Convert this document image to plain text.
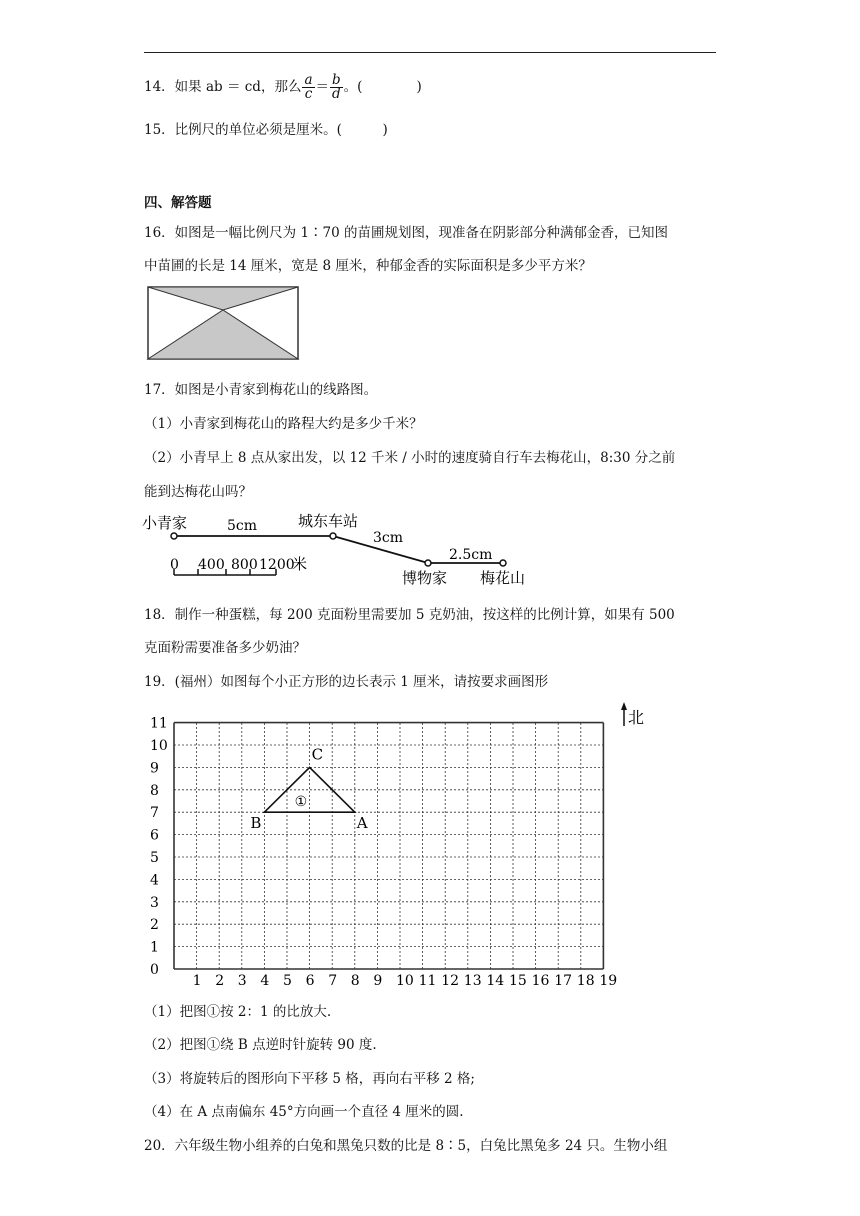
14．如果 ab ＝ cd，那么 $\frac{a}{c} = \frac{b}{d}$ 。(　　　　)
15．比例尺的单位必须是厘米。(　　　)
四、解答题
16．如图是一幅比例尺为 1∶70 的苗圃规划图，现准备在阴影部分种满郁金香，已知图
中苗圃的长是 14 厘米，宽是 8 厘米，种郁金香的实际面积是多少平方米？
17．如图是小青家到梅花山的线路图。
（1）小青家到梅花山的路程大约是多少千米？
（2）小青早上 8 点从家出发，以 12 千米 / 小时的速度骑自行车去梅花山，8:30 分之前
能到达梅花山吗？
小青家	5cm	城东车站
3cm
2.5cm
博物家 梅花山
0 400 800 1200
米
18．制作一种蛋糕，每 200 克面粉里需要加 5 克奶油，按这样的比例计算，如果有 500
克面粉需要准备多少奶油？
19．(福州）如图每个小正方形的边长表示 1 厘米，请按要求画图形
1 2 3 4 5 6 7 8 9 10 11 12 13 14 15 16 17 18 19
0
1
2
3
4
5
6
7
8
9
10
11
B	A
C
①
北
（1）把图①按 2：1 的比放大.
（2）把图①绕 B 点逆时针旋转 90 度.
（3）将旋转后的图形向下平移 5 格，再向右平移 2 格;
（4）在 A 点南偏东 45°方向画一个直径 4 厘米的圆.
20．六年级生物小组养的白兔和黑兔只数的比是 8∶5，白兔比黑兔多 24 只。生物小组
